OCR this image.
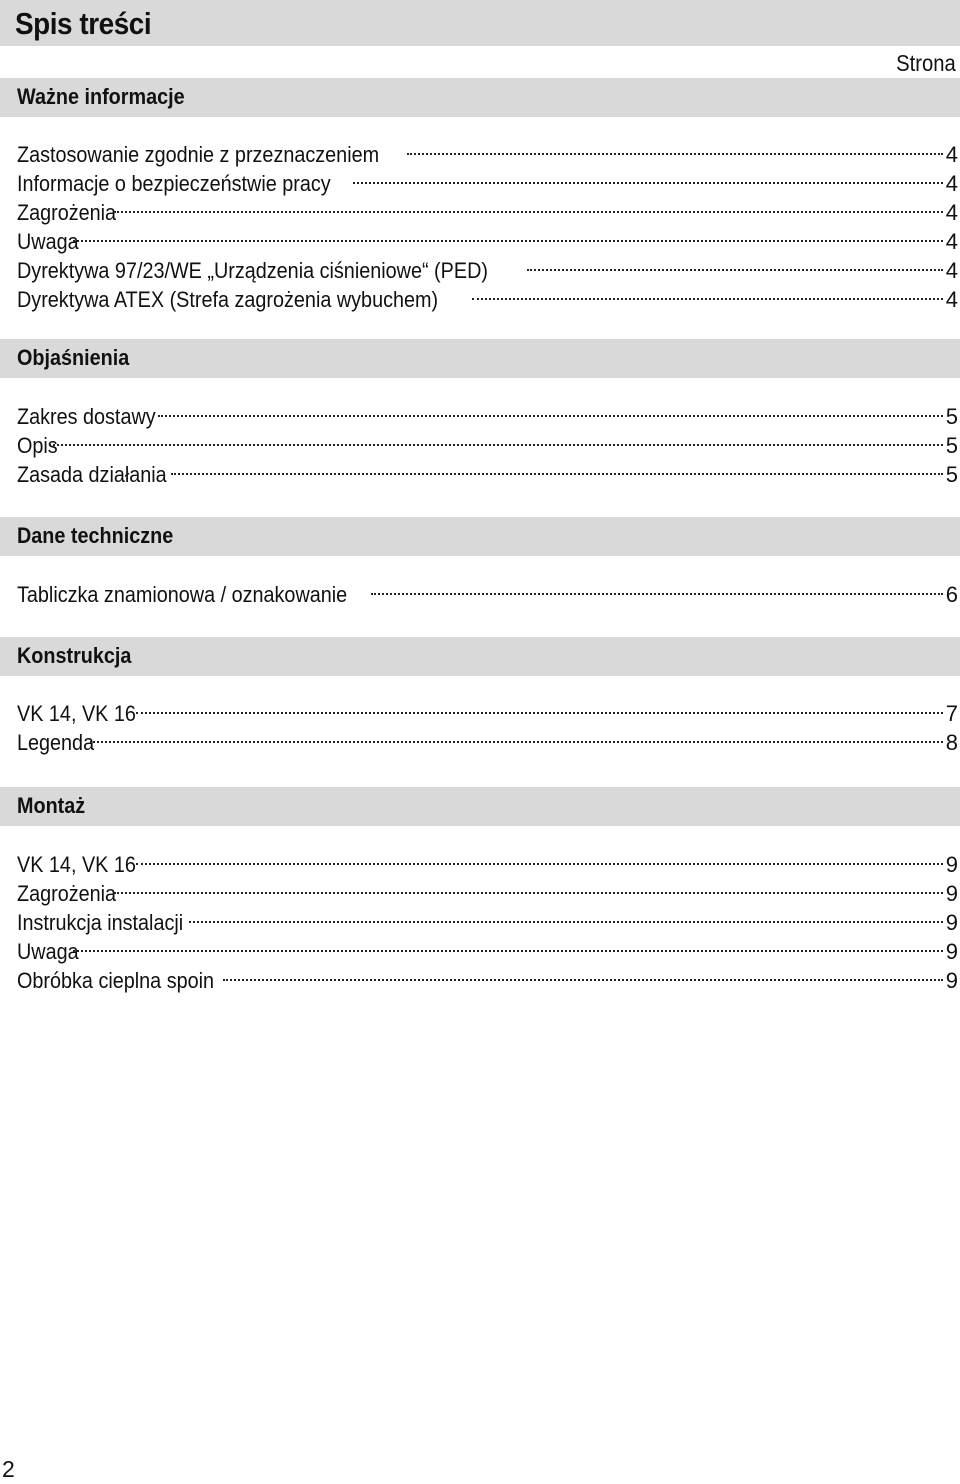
Spis treści
Strona
Ważne informacje
Zastosowanie zgodnie z przeznaczeniem	4
Informacje o bezpieczeństwie pracy	4
Zagrożenia	4
Uwaga	4
Dyrektywa 97/23/WE „Urządzenia ciśnieniowe“ (PED)	4
Dyrektywa ATEX (Strefa zagrożenia wybuchem)	4
Objaśnienia
Zakres dostawy	5
Opis	5
Zasada działania	5
Dane techniczne
Tabliczka znamionowa / oznakowanie	6
Konstrukcja
VK 14, VK 16	7
Legenda	8
Montaż
VK 14, VK 16	9
Zagrożenia	9
Instrukcja instalacji	9
Uwaga	9
Obróbka cieplna spoin	9
2
